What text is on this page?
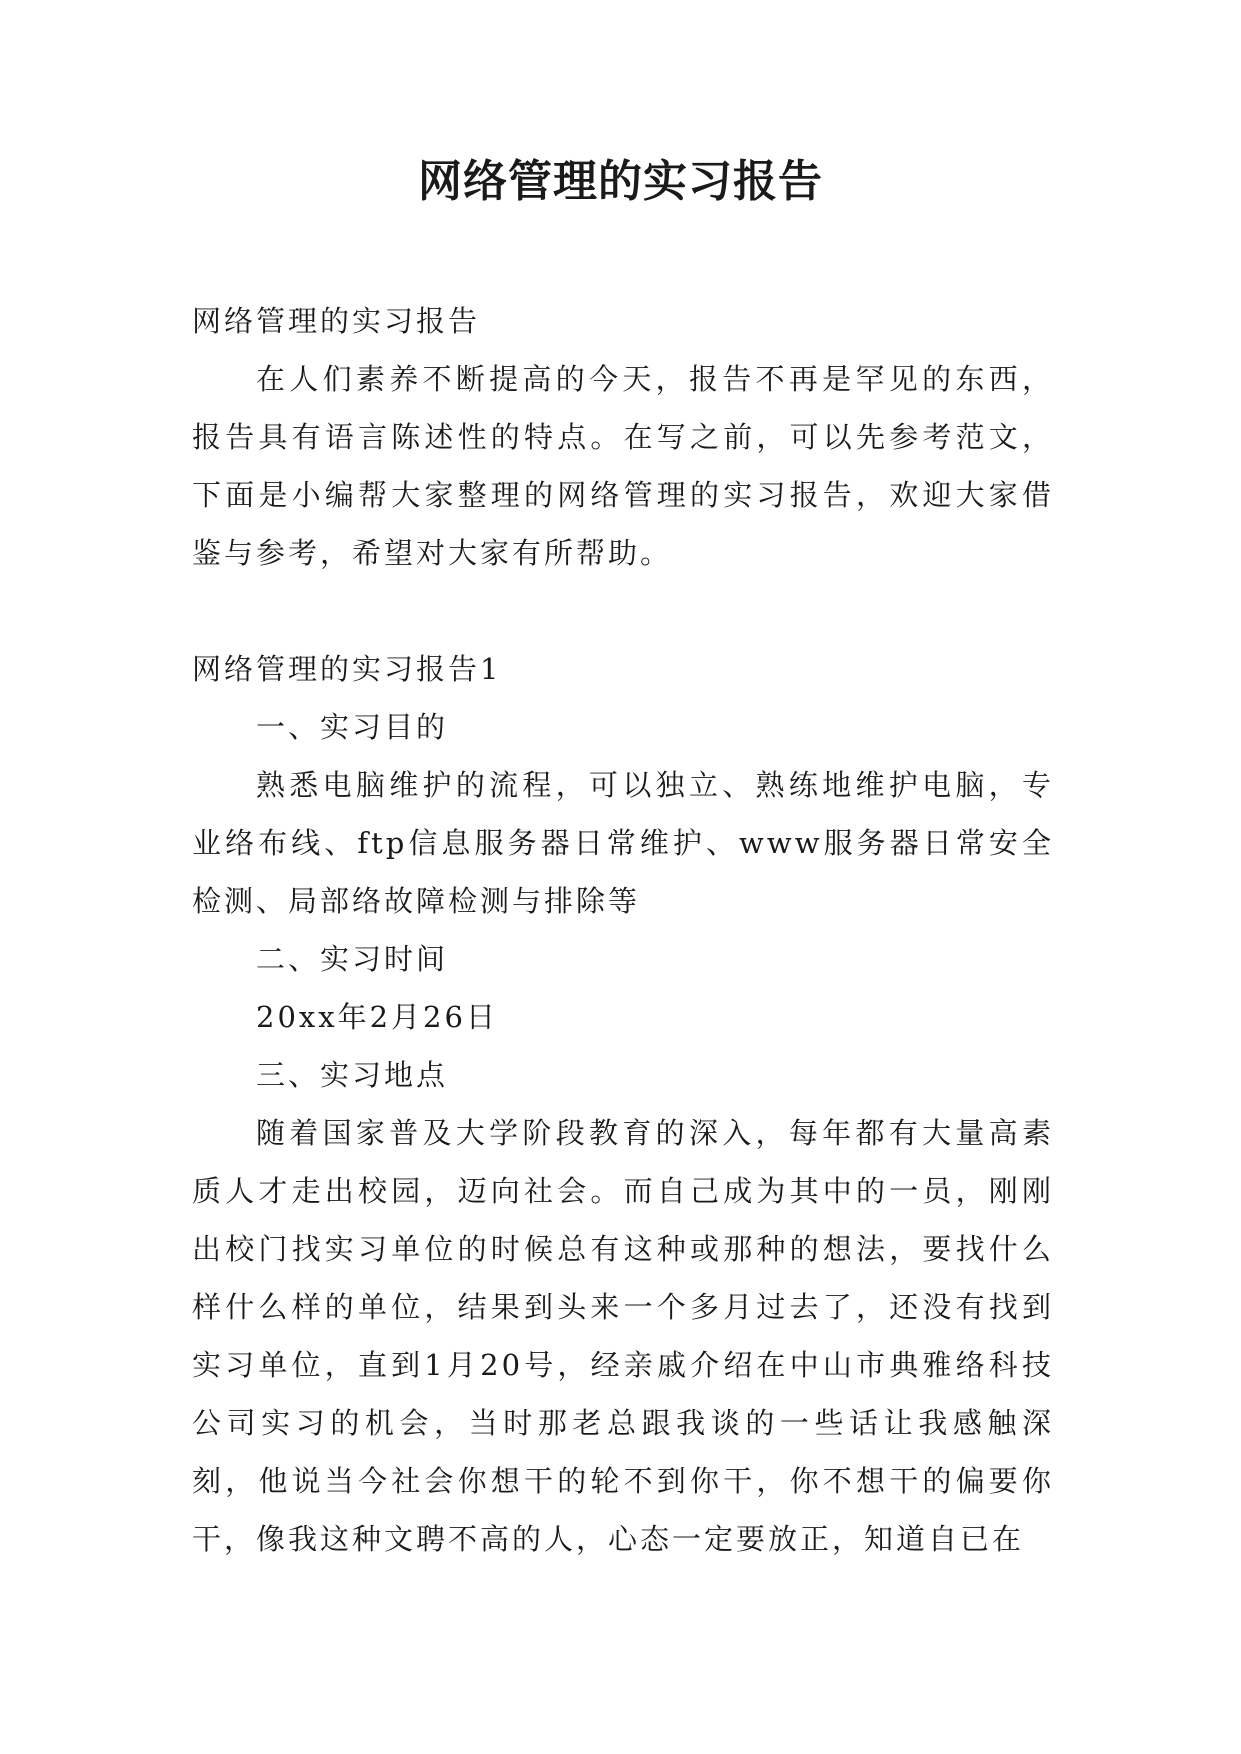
网络管理的实习报告

网络管理的实习报告

在人们素养不断提高的今天，报告不再是罕见的东西，报告具有语言陈述性的特点。在写之前，可以先参考范文，下面是小编帮大家整理的网络管理的实习报告，欢迎大家借鉴与参考，希望对大家有所帮助。

网络管理的实习报告1

一、实习目的

熟悉电脑维护的流程，可以独立、熟练地维护电脑，专业络布线、ftp信息服务器日常维护、www服务器日常安全检测、局部络故障检测与排除等

二、实习时间

20xx年2月26日

三、实习地点

随着国家普及大学阶段教育的深入，每年都有大量高素质人才走出校园，迈向社会。而自己成为其中的一员，刚刚出校门找实习单位的时候总有这种或那种的想法，要找什么样什么样的单位，结果到头来一个多月过去了，还没有找到实习单位，直到1月20号，经亲戚介绍在中山市典雅络科技公司实习的机会，当时那老总跟我谈的一些话让我感触深刻，他说当今社会你想干的轮不到你干，你不想干的偏要你干，像我这种文聘不高的人，心态一定要放正，知道自已在
